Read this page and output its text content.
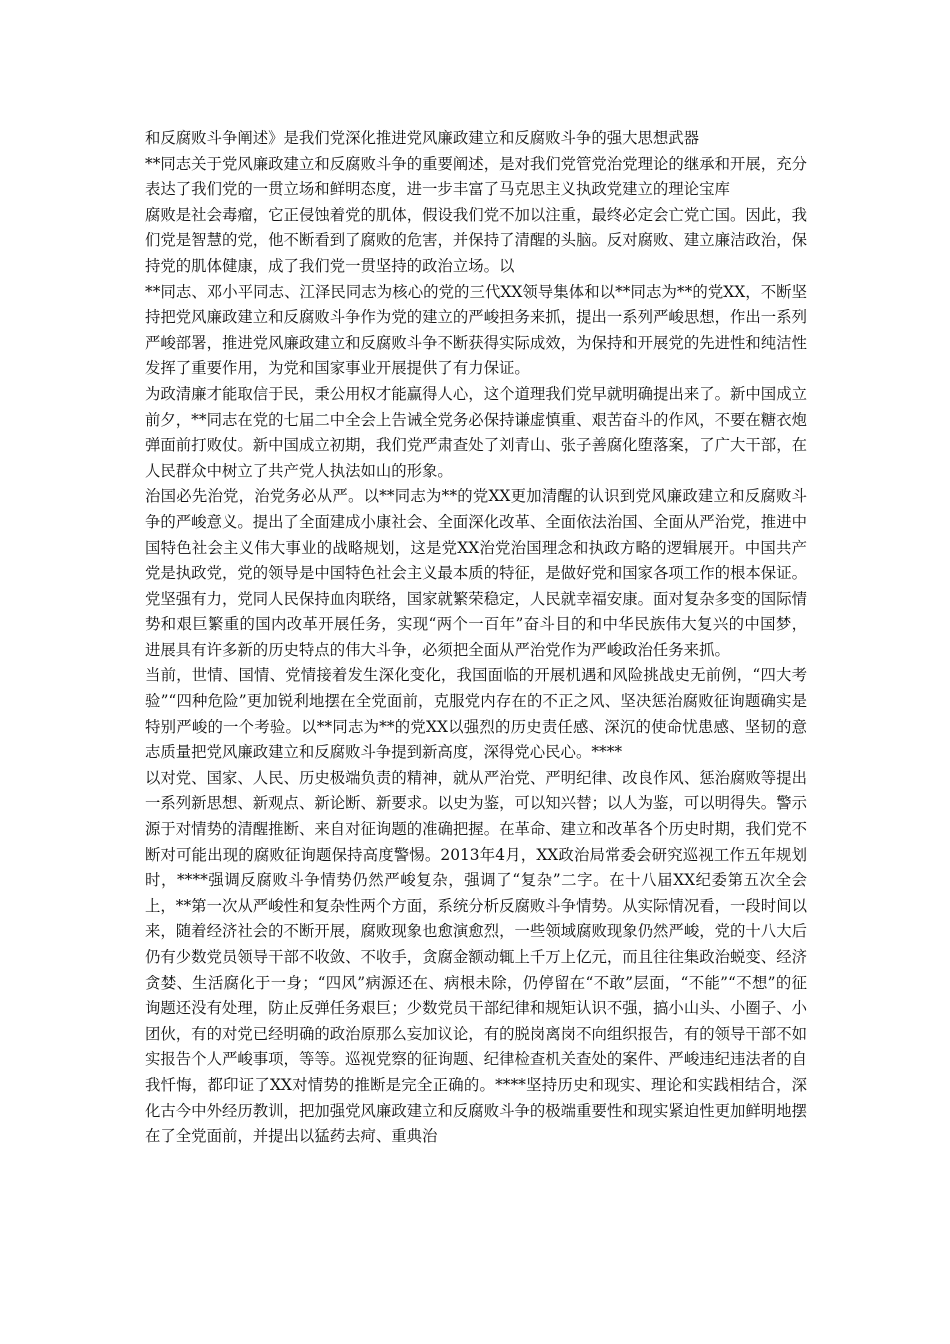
和反腐败斗争阐述》是我们党深化推进党风廉政建立和反腐败斗争的强大思想武器

**同志关于党风廉政建立和反腐败斗争的重要阐述，是对我们党管党治党理论的继承和开展，充分表达了我们党的一贯立场和鲜明态度，进一步丰富了马克思主义执政党建立的理论宝库

腐败是社会毒瘤，它正侵蚀着党的肌体，假设我们党不加以注重，最终必定会亡党亡国。因此，我们党是智慧的党，他不断看到了腐败的危害，并保持了清醒的头脑。反对腐败、建立廉洁政治，保持党的肌体健康，成了我们党一贯坚持的政治立场。以

**同志、邓小平同志、江泽民同志为核心的党的三代XX领导集体和以**同志为**的党XX，不断坚持把党风廉政建立和反腐败斗争作为党的建立的严峻担务来抓，提出一系列严峻思想，作出一系列严峻部署，推进党风廉政建立和反腐败斗争不断获得实际成效，为保持和开展党的先进性和纯洁性发挥了重要作用，为党和国家事业开展提供了有力保证。

为政清廉才能取信于民，秉公用权才能赢得人心，这个道理我们党早就明确提出来了。新中国成立前夕，**同志在党的七届二中全会上告诫全党务必保持谦虚慎重、艰苦奋斗的作风，不要在糖衣炮弹面前打败仗。新中国成立初期，我们党严肃查处了刘青山、张子善腐化堕落案，了广大干部，在人民群众中树立了共产党人执法如山的形象。

治国必先治党，治党务必从严。以**同志为**的党XX更加清醒的认识到党风廉政建立和反腐败斗争的严峻意义。提出了全面建成小康社会、全面深化改革、全面依法治国、全面从严治党，推进中国特色社会主义伟大事业的战略规划，这是党XX治党治国理念和执政方略的逻辑展开。中国共产党是执政党，党的领导是中国特色社会主义最本质的特征，是做好党和国家各项工作的根本保证。党坚强有力，党同人民保持血肉联络，国家就繁荣稳定，人民就幸福安康。面对复杂多变的国际情势和艰巨繁重的国内改革开展任务，实现“两个一百年”奋斗目的和中华民族伟大复兴的中国梦，进展具有许多新的历史特点的伟大斗争，必须把全面从严治党作为严峻政治任务来抓。

当前，世情、国情、党情接着发生深化变化，我国面临的开展机遇和风险挑战史无前例，“四大考验”“四种危险”更加锐利地摆在全党面前，克服党内存在的不正之风、坚决惩治腐败征询题确实是特别严峻的一个考验。以**同志为**的党XX以强烈的历史责任感、深沉的使命忧患感、坚韧的意志质量把党风廉政建立和反腐败斗争提到新高度，深得党心民心。****

以对党、国家、人民、历史极端负责的精神，就从严治党、严明纪律、改良作风、惩治腐败等提出一系列新思想、新观点、新论断、新要求。以史为鉴，可以知兴替；以人为鉴，可以明得失。警示源于对情势的清醒推断、来自对征询题的准确把握。在革命、建立和改革各个历史时期，我们党不断对可能出现的腐败征询题保持高度警惕。2013年4月，XX政治局常委会研究巡视工作五年规划时，****强调反腐败斗争情势仍然严峻复杂，强调了“复杂”二字。在十八届XX纪委第五次全会上，**第一次从严峻性和复杂性两个方面，系统分析反腐败斗争情势。从实际情况看，一段时间以来，随着经济社会的不断开展，腐败现象也愈演愈烈，一些领域腐败现象仍然严峻，党的十八大后仍有少数党员领导干部不收敛、不收手，贪腐金额动辄上千万上亿元，而且往往集政治蜕变、经济贪婪、生活腐化于一身；“四风”病源还在、病根未除，仍停留在“不敢”层面，“不能”“不想”的征询题还没有处理，防止反弹任务艰巨；少数党员干部纪律和规矩认识不强，搞小山头、小圈子、小团伙，有的对党已经明确的政治原那么妄加议论，有的脱岗离岗不向组织报告，有的领导干部不如实报告个人严峻事项，等等。巡视党察的征询题、纪律检查机关查处的案件、严峻违纪违法者的自我忏悔，都印证了XX对情势的推断是完全正确的。****坚持历史和现实、理论和实践相结合，深化古今中外经历教训，把加强党风廉政建立和反腐败斗争的极端重要性和现实紧迫性更加鲜明地摆在了全党面前，并提出以猛药去疴、重典治
